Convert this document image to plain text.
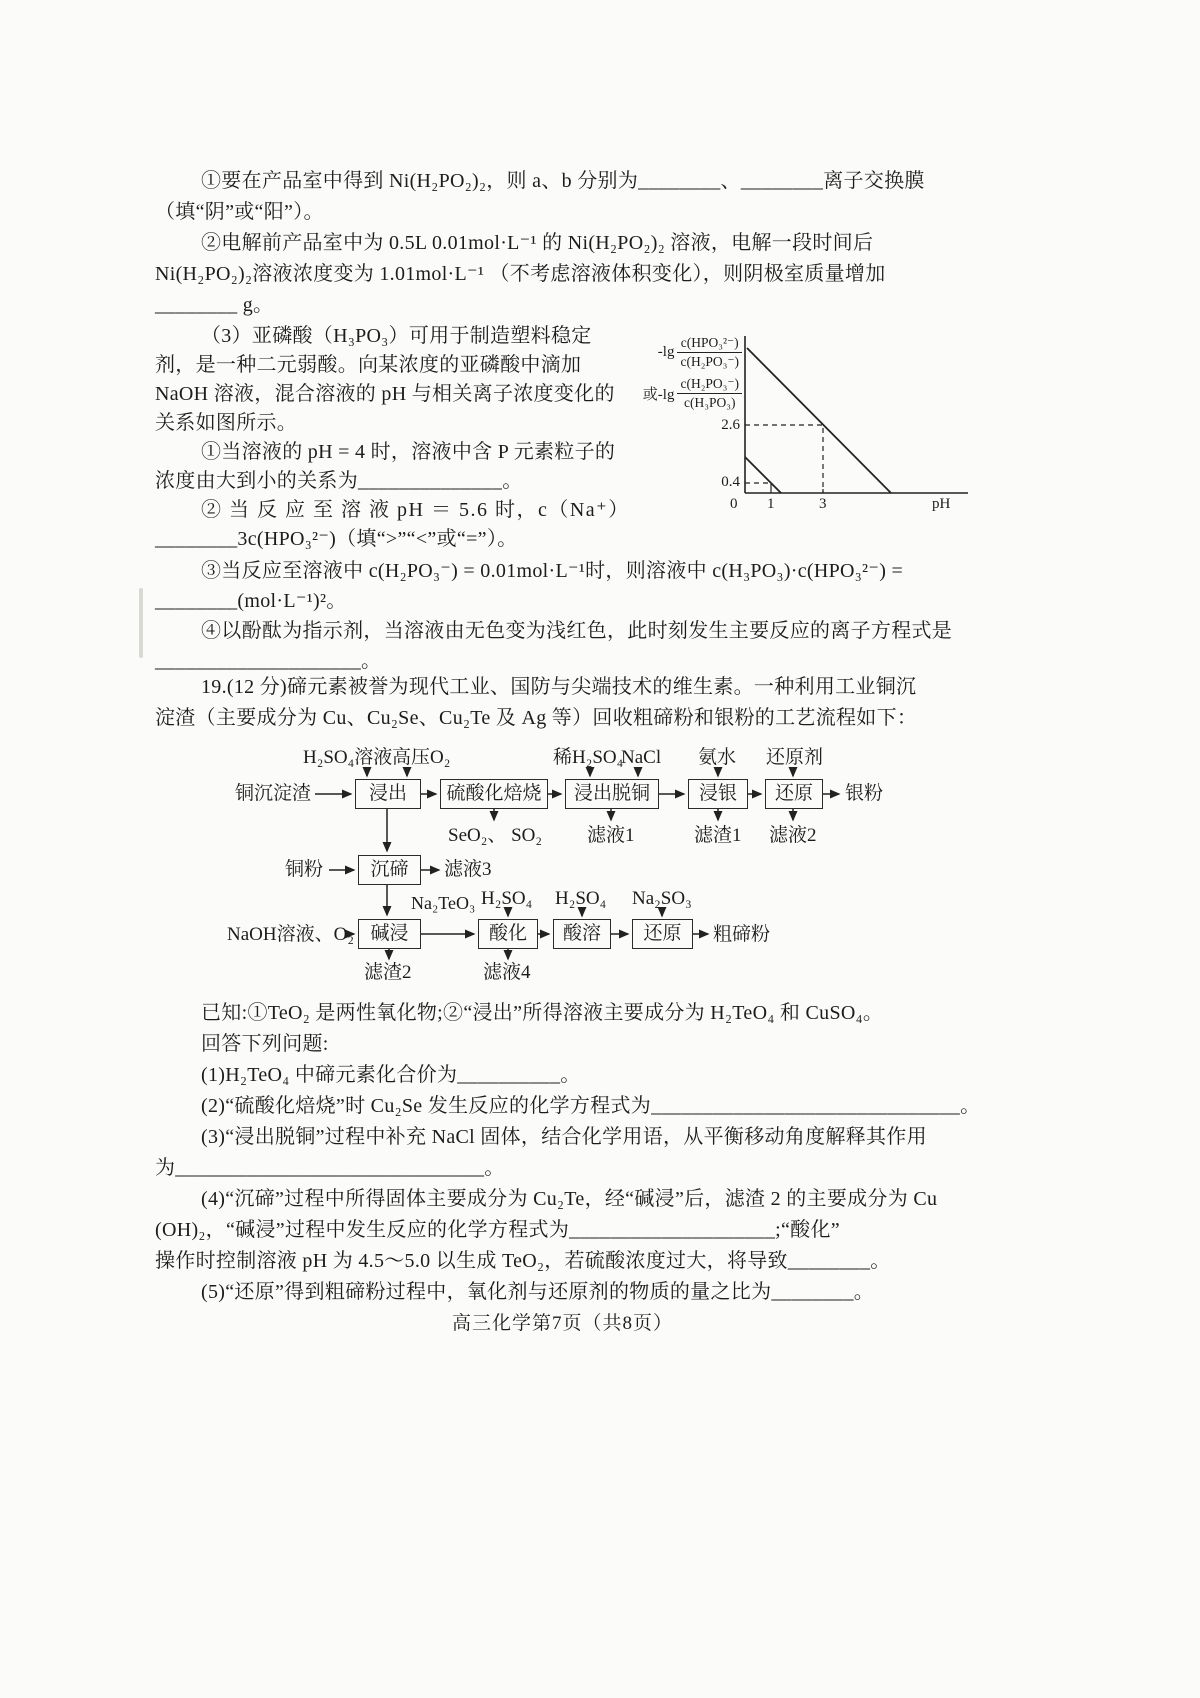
①要在产品室中得到 Ni(H₂PO₂)₂，则 a、b 分别为________、________离子交换膜
（填“阴”或“阳”）。
②电解前产品室中为 0.5L 0.01mol·L⁻¹ 的 Ni(H₂PO₂)₂ 溶液，电解一段时间后
Ni(H₂PO₂)₂溶液浓度变为 1.01mol·L⁻¹ （不考虑溶液体积变化），则阴极室质量增加
________ g。
（3）亚磷酸（H₃PO₃）可用于制造塑料稳定
剂，是一种二元弱酸。向某浓度的亚磷酸中滴加
NaOH 溶液，混合溶液的 pH 与相关离子浓度变化的
关系如图所示。
①当溶液的 pH = 4 时，溶液中含 P 元素粒子的
浓度由大到小的关系为______________。
② 当 反 应 至 溶 液 pH ＝ 5.6 时，c（Na⁺）
________3c(HPO₃²⁻)（填“>”“<”或“=”）。
$-\lg \frac{\text{c(HPO₃²⁻)}}{\text{c(H₂PO₃⁻)}}$
或$-\lg \frac{\text{c(H₂PO₃⁻)}}{\text{c(H₃PO₃)}}$
2.6
0.4
0 1	3	pH
③当反应至溶液中 c(H₂PO₃⁻) = 0.01mol·L⁻¹时，则溶液中 c(H₃PO₃)·c(HPO₃²⁻) =
________(mol·L⁻¹)²。
④以酚酞为指示剂，当溶液由无色变为浅红色，此时刻发生主要反应的离子方程式是
____________________。
19.(12 分)碲元素被誉为现代工业、国防与尖端技术的维生素。一种利用工业铜沉
淀渣（主要成分为 Cu、Cu₂Se、Cu₂Te 及 Ag 等）回收粗碲粉和银粉的工艺流程如下：
H₂SO₄溶液 高压O₂	稀H₂SO₄
NaCl 氨水 还原剂
铜沉淀渣	浸出	硫酸化焙烧	浸出脱铜	浸银	还原	银粉
SeO₂、 SO₂ 滤液1	滤渣1 滤液2
铜粉	沉碲	滤液3
Na₂TeO₃ H₂SO₄ H₂SO₄ Na₂SO₃
NaOH溶液、O₂ 碱浸	酸化	酸溶	还原	粗碲粉
滤渣2	滤液4
已知:①TeO₂ 是两性氧化物;②“浸出”所得溶液主要成分为 H₂TeO₄ 和 CuSO₄。
回答下列问题:
(1)H₂TeO₄ 中碲元素化合价为__________。
(2)“硫酸化焙烧”时 Cu₂Se 发生反应的化学方程式为______________________________。
(3)“浸出脱铜”过程中补充 NaCl 固体，结合化学用语，从平衡移动角度解释其作用
为______________________________。
(4)“沉碲”过程中所得固体主要成分为 Cu₂Te，经“碱浸”后，滤渣 2 的主要成分为 Cu
(OH)₂，“碱浸”过程中发生反应的化学方程式为____________________;“酸化”
操作时控制溶液 pH 为 4.5～5.0 以生成 TeO₂，若硫酸浓度过大，将导致________。
(5)“还原”得到粗碲粉过程中，氧化剂与还原剂的物质的量之比为________。
高三化学第7页（共8页）
